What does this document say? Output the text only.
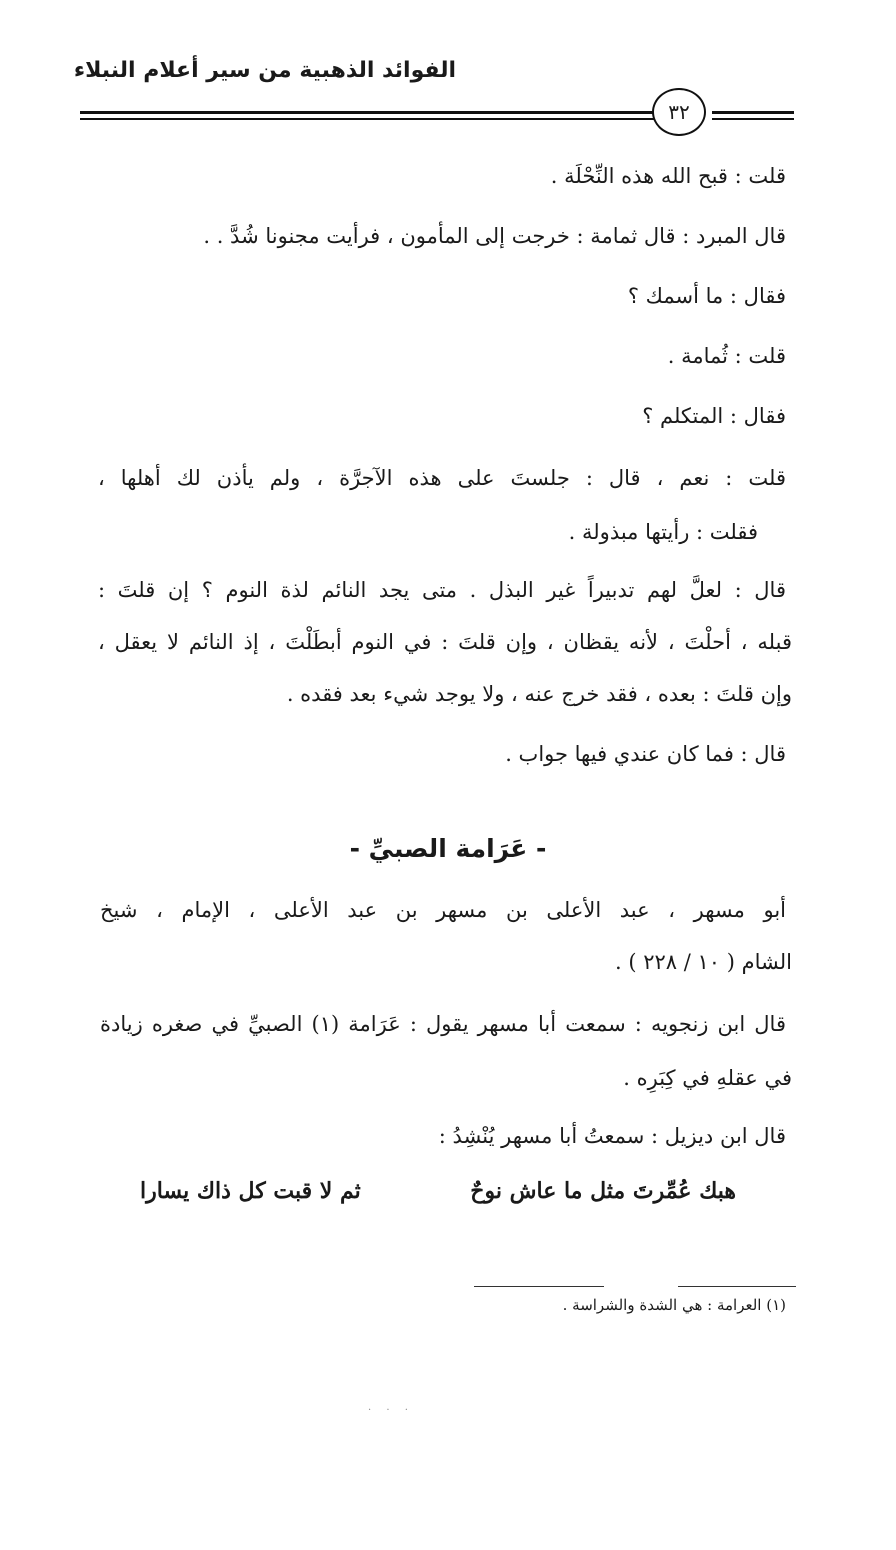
الفوائد الذهبية من سير أعلام النبلاء
٣٢
قلت : قبح الله هذه النِّحْلَة .
قال المبرد : قال ثمامة : خرجت إلى المأمون ، فرأيت مجنونا شُدَّ . .
فقال : ما أسمك ؟
قلت : ثُمامة .
فقال : المتكلم ؟
قلت : نعم ، قال : جلستَ على هذه الآجرَّة ، ولم يأذن لك أهلها ،
فقلت : رأيتها مبذولة .
قال : لعلَّ لهم تدبيراً غير البذل . متى يجد النائم لذة النوم ؟ إن قلتَ :
قبله ، أحلْتَ ، لأنه يقظان ، وإن قلتَ : في النوم أبطَلْتَ ، إذ النائم لا يعقل ،
وإن قلتَ : بعده ، فقد خرج عنه ، ولا يوجد شيء بعد فقده .
قال : فما كان عندي فيها جواب .
- عَرَامة الصبيِّ -
أبو مسهر ، عبد الأعلى بن مسهر بن عبد الأعلى ، الإمام ، شيخ
الشام ( ١٠ / ٢٢٨ ) .
قال ابن زنجويه : سمعت أبا مسهر يقول : عَرَامة (١) الصبيِّ في صغره زيادة
في عقلهِ في كِبَرِه .
قال ابن ديزيل : سمعتُ أبا مسهر يُنْشِدُ :
هبك عُمِّرتَ مثل ما عاش نوحٌ
ثم لا قبت كل ذاك يسارا
(١) العرامة : هي الشدة والشراسة .
. . .
